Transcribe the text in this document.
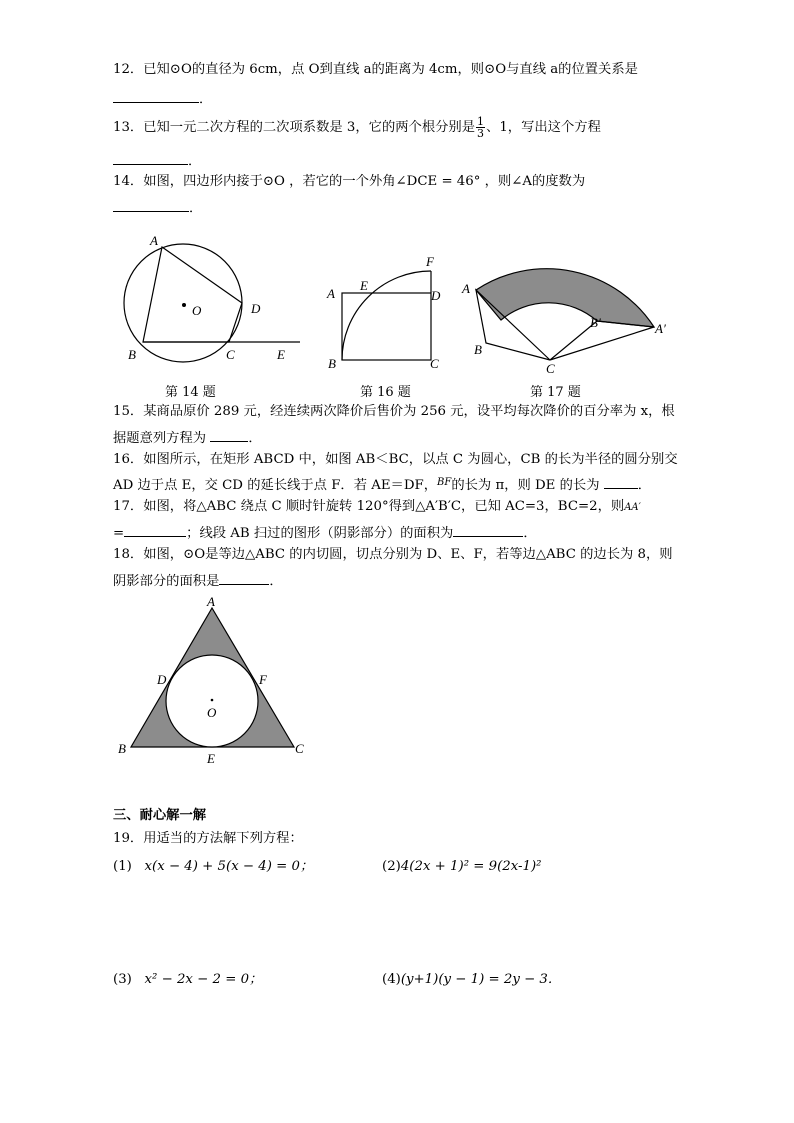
12．已知⊙O的直径为 6cm，点 O到直线 a的距离为 4cm，则⊙O与直线 a的位置关系是
．
13．已知一元二次方程的二次项系数是 3，它的两个根分别是 $\frac{1}{3}$ 、1，写出这个方程
．
14．如图，四边形内接于⊙O ，若它的一个外角∠DCE = 46° ，则∠A的度数为
．
A
O	D
B	C	E
第 14 题
A
E
F
D
B	C
第 16 题
A
B
B′	A′
C
第 17 题
15．某商品原价 289 元，经连续两次降价后售价为 256 元，设平均每次降价的百分率为 x，根
据题意列方程为	．
16．如图所示，在矩形 ABCD 中，如图 AB＜BC，以点 C 为圆心，CB 的长为半径的圆分别交
AD 边于点 E，交 CD 的延长线于点 F．若 AE＝DF，$^{BF}$的长为 π，则 DE 的长为	．
17．如图，将△ABC 绕点 C 顺时针旋转 120°得到△A′B′C，已知 AC=3，BC=2，则AA′
=	；线段 AB 扫过的图形（阴影部分）的面积为	．
18．如图，⊙O是等边△ABC 的内切圆，切点分别为 D、E、F，若等边△ABC 的边长为 8，则
阴影部分的面积是	．
A
D	F
O
B	C
E
三、耐心解一解
19．用适当的方法解下列方程：
(1) x(x − 4) + 5(x − 4) = 0；	(2)4(2x + 1)² = 9(2x-1)²
(3) x² − 2x − 2 = 0；	(4)(y+1)(y − 1) = 2y − 3．
